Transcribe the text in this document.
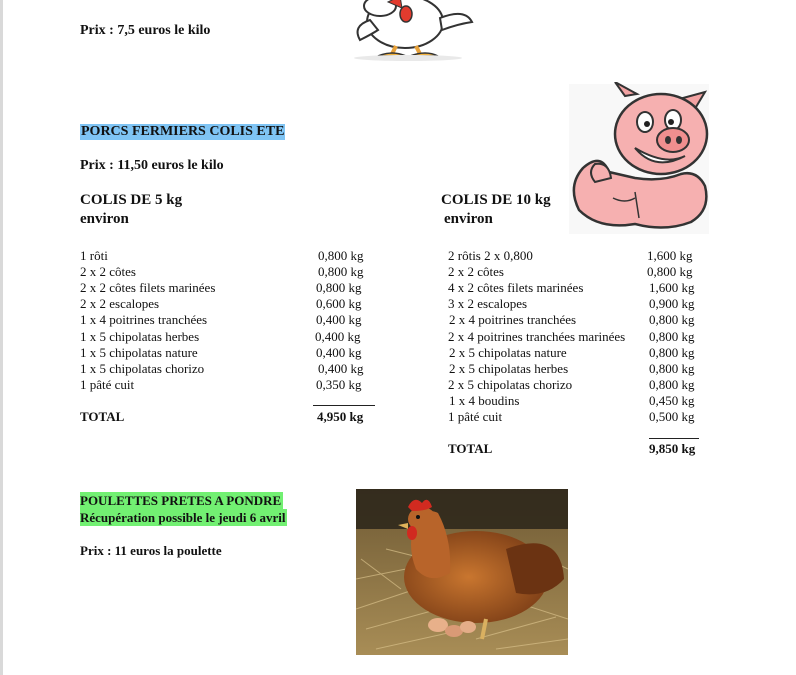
Prix : 7,5 euros le kilo
PORCS FERMIERS COLIS ETE
Prix : 11,50 euros le kilo
COLIS DE 5 kg
environ
COLIS DE 10 kg
environ
1 rôti	0,800 kg
2 x 2 côtes	0,800 kg
2 x 2 côtes filets marinées	0,800 kg
2 x 2 escalopes	0,600 kg
1 x 4 poitrines tranchées	0,400 kg
1 x 5 chipolatas herbes	0,400 kg
1 x 5 chipolatas nature	0,400 kg
1 x 5 chipolatas chorizo	0,400 kg
1 pâté cuit	0,350 kg
TOTAL	4,950 kg
2 rôtis 2 x 0,800	1,600 kg
2 x 2 côtes	0,800 kg
4 x 2 côtes filets marinées	1,600 kg
3 x 2 escalopes	0,900 kg
2 x 4 poitrines tranchées	0,800 kg
2 x 4 poitrines tranchées marinées 0,800 kg
2 x 5 chipolatas nature	0,800 kg
2 x 5 chipolatas herbes	0,800 kg
2 x 5 chipolatas chorizo	0,800 kg
1 x 4 boudins	0,450 kg
1 pâté cuit	0,500 kg
TOTAL	9,850 kg
POULETTES PRETES A PONDRE
Récupération possible le jeudi 6 avril
Prix : 11 euros la poulette
